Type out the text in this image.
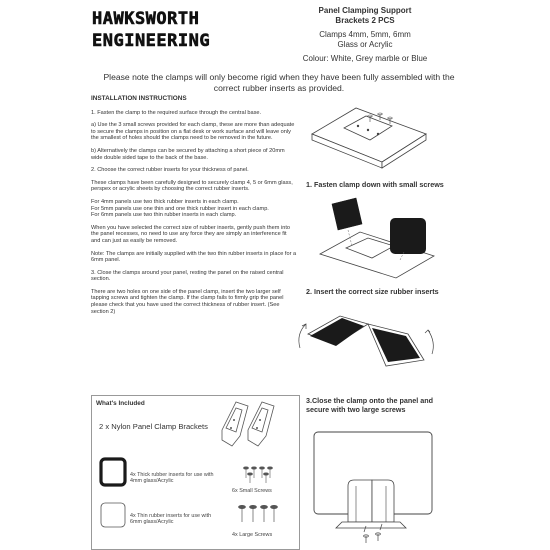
HAWKSWORTH
ENGINEERING

Panel Clamping Support
Brackets 2 PCS

Clamps 4mm, 5mm, 6mm
Glass or Acrylic

Colour: White, Grey marble or Blue

Please note the clamps will only become rigid when they have been fully assembled with the correct rubber inserts as provided.
INSTALLATION INSTRUCTIONS

1. Fasten the clamp to the required surface through the central base.

a) Use the 3 small screws provided for each clamp, these are more than adequate to secure the clamps in position on a flat desk or work surface and will leave only the smallest of holes should the clamps need to be removed in the future.

b) Alternatively the clamps can be secured by attaching a short piece of 20mm wide double sided tape to the back of the base.

2. Choose the correct rubber inserts for your thickness of panel.

These clamps have been carefully designed to securely clamp 4, 5 or 6mm glass, perspex or acrylic sheets by choosing the correct rubber inserts.

For 4mm panels use two thick rubber inserts in each clamp.
For 5mm panels use one thin and one thick rubber insert in each clamp.
For 6mm panels use two thin rubber inserts in each clamp.

When you have selected the correct size of rubber inserts, gently push them into the panel recesses, no need to use any force they are simply an interference fit and can just as easily be removed.

Note: The clamps are initially supplied with the two thin rubber inserts in place for a 6mm panel.

3. Close the clamps around your panel, resting the panel on the raised central section.

There are two holes on one side of the panel clamp, insert the two larger self tapping screws and tighten the clamp. If the clamp fails to firmly grip the panel please check that you have used the correct thickness of rubber insert. (See section 2)

What's Included
2 x Nylon Panel Clamp Brackets
4x Thick rubber inserts for use with 4mm glass/Acrylic
4x Thin rubber inserts for use with 6mm glass/Acrylic
6x Small Screws
4x Large Screws
1. Fasten clamp down with small screws
2. Insert the correct size rubber inserts
3.Close the clamp onto the panel and
secure with two large screws
